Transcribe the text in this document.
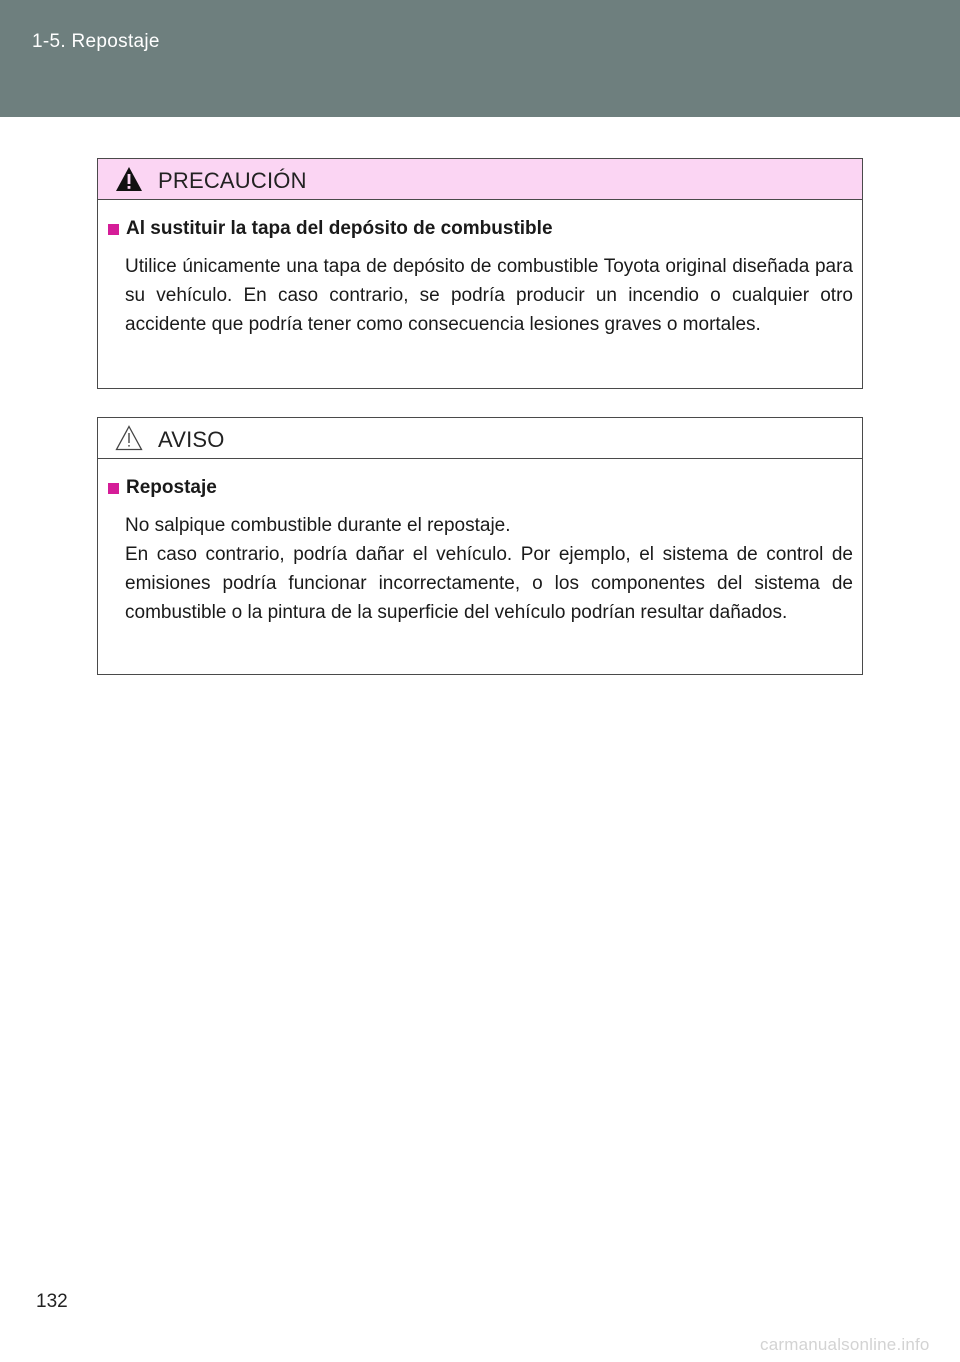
1-5. Repostaje
PRECAUCIÓN
Al sustituir la tapa del depósito de combustible

Utilice únicamente una tapa de depósito de combustible Toyota original diseñada para su vehículo. En caso contrario, se podría producir un incendio o cualquier otro accidente que podría tener como consecuencia lesiones graves o mortales.

AVISO
Repostaje

No salpique combustible durante el repostaje.
En caso contrario, podría dañar el vehículo. Por ejemplo, el sistema de control de emisiones podría funcionar incorrectamente, o los componentes del sistema de combustible o la pintura de la superficie del vehículo podrían resultar dañados.

132
carmanualsonline.info
